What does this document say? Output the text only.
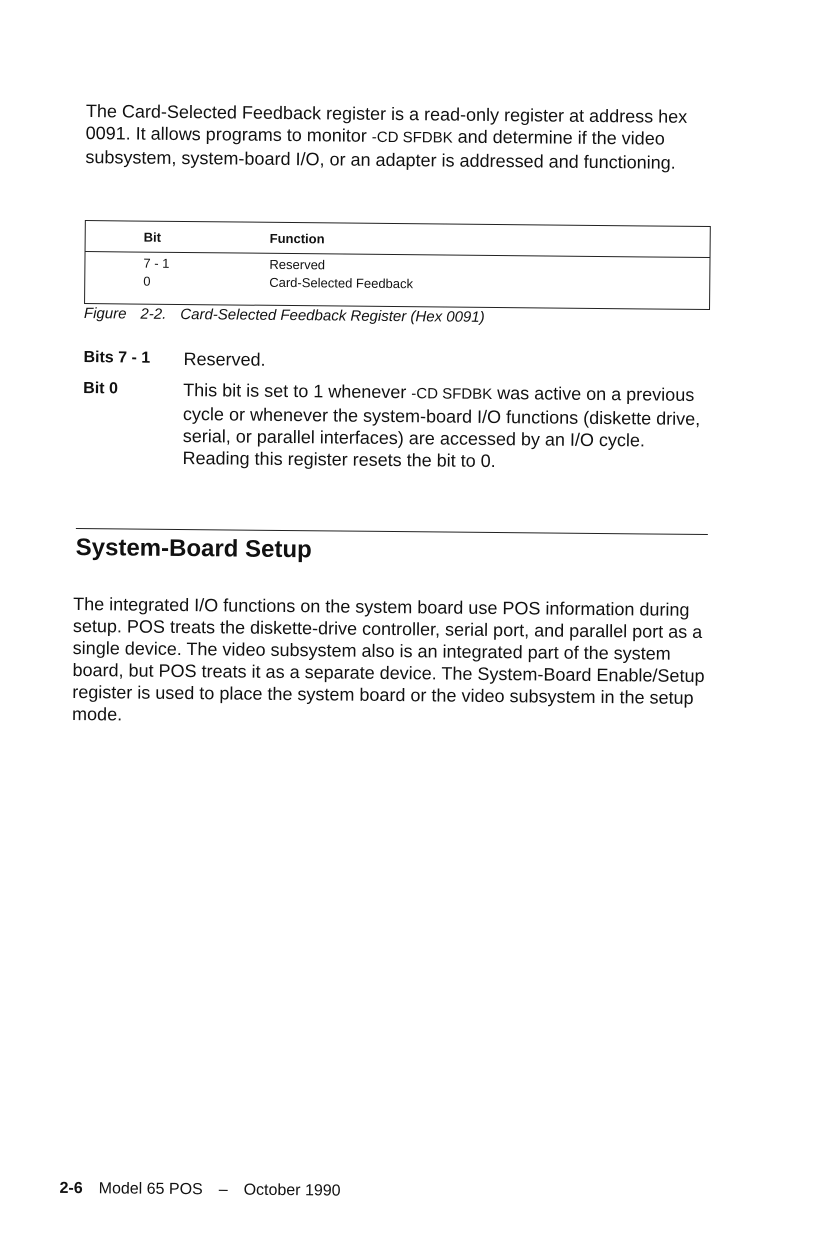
The Card-Selected Feedback register is a read-only register at address hex 0091. It allows programs to monitor -CD SFDBK and determine if the video subsystem, system-board I/O, or an adapter is addressed and functioning.

Bit	Function
7 - 1	Reserved
0	Card-Selected Feedback
Figure 2-2. Card-Selected Feedback Register (Hex 0091)
Bits 7 - 1 Reserved.
Bit 0	This bit is set to 1 whenever -CD SFDBK was active on a previous cycle or whenever the system-board I/O functions (diskette drive, serial, or parallel interfaces) are accessed by an I/O cycle. Reading this register resets the bit to 0.
System-Board Setup

The integrated I/O functions on the system board use POS information during setup. POS treats the diskette-drive controller, serial port, and parallel port as a single device. The video subsystem also is an integrated part of the system board, but POS treats it as a separate device. The System-Board Enable/Setup register is used to place the system board or the video subsystem in the setup mode.

2-6 Model 65 POS – October 1990
